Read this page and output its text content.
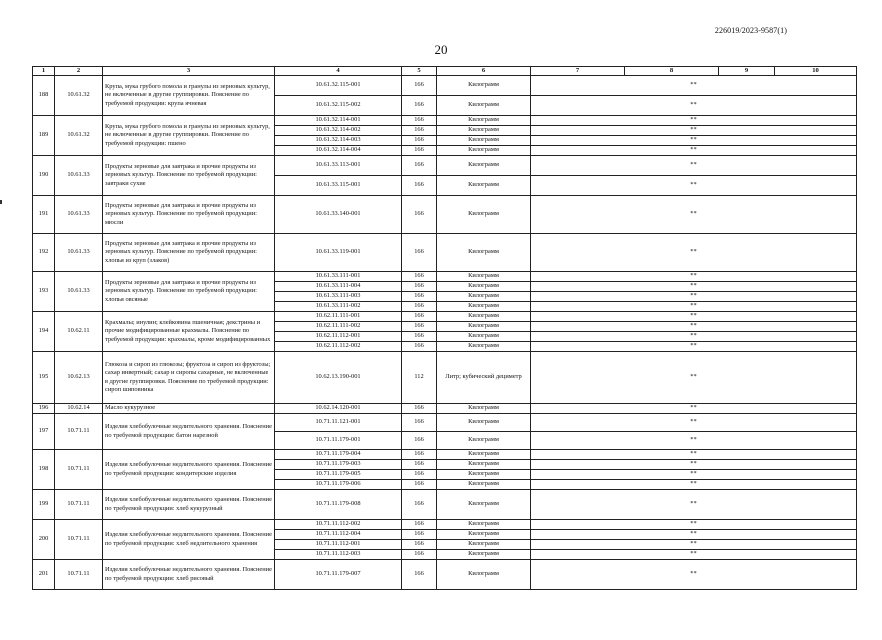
226019/2023-9587(1)
20
1	2	3	4	5	6	7	8	9	10
188	10.61.32	Крупа, мука грубого помола и гранулы из зерновых культур, не включенные в другие группировки. Пояснение по требуемой продукции: крупа ячневая	10.61.32.115-001	166	Килограмм	**			
			10.61.32.115-002	166	Килограмм	**			
189	10.61.32	Крупа, мука грубого помола и гранулы из зерновых культур, не включенные в другие группировки. Пояснение по требуемой продукции: пшено	10.61.32.114-001	166	Килограмм	**			
			10.61.32.114-002	166	Килограмм	**			
			10.61.32.114-003	166	Килограмм	**			
			10.61.32.114-004	166	Килограмм	**			
190	10.61.33	Продукты зерновые для завтрака и прочие продукты из зерновых культур. Пояснение по требуемой продукции: завтраки сухие	10.61.33.113-001	166	Килограмм	**			
			10.61.33.115-001	166	Килограмм	**			
191	10.61.33	Продукты зерновые для завтрака и прочие продукты из зерновых культур. Пояснение по требуемой продукции: мюсли	10.61.33.140-001	166	Килограмм	**			
192	10.61.33	Продукты зерновые для завтрака и прочие продукты из зерновых культур. Пояснение по требуемой продукции: хлопья из круп (злаков)	10.61.33.119-001	166	Килограмм	**			
193	10.61.33	Продукты зерновые для завтрака и прочие продукты из зерновых культур. Пояснение по требуемой продукции: хлопья овсяные	10.61.33.111-001	166	Килограмм	**			
			10.61.33.111-004	166	Килограмм	**			
			10.61.33.111-003	166	Килограмм	**			
			10.61.33.111-002	166	Килограмм	**			
194	10.62.11	Крахмалы; инулин; клейковина пшеничная; декстрины и прочие модифицированные крахмалы. Пояснение по требуемой продукции: крахмалы, кроме модифицированных	10.62.11.111-001	166	Килограмм	**			
			10.62.11.111-002	166	Килограмм	**			
			10.62.11.112-001	166	Килограмм	**			
			10.62.11.112-002	166	Килограмм	**			
195	10.62.13	Глюкоза и сироп из глюкозы; фруктоза и сироп из фруктозы; сахар инвертный; сахар и сиропы сахарные, не включенные в другие группировки. Пояснение по требуемой продукции: сироп шиповника	10.62.13.190-001	112	Литр; кубический дециметр	**			
196	10.62.14	Масло кукурузное	10.62.14.120-001	166	Килограмм	**			
197	10.71.11	Изделия хлебобулочные недлительного хранения. Пояснение по требуемой продукции: батон нарезной	10.71.11.121-001	166	Килограмм	**			
			10.71.11.179-001	166	Килограмм	**			
198	10.71.11	Изделия хлебобулочные недлительного хранения. Пояснение по требуемой продукции: кондитерские изделия	10.71.11.179-004	166	Килограмм	**			
			10.71.11.179-003	166	Килограмм	**			
			10.71.11.179-005	166	Килограмм	**			
			10.71.11.179-006	166	Килограмм	**			
199	10.71.11	Изделия хлебобулочные недлительного хранения. Пояснение по требуемой продукции: хлеб кукурузный	10.71.11.179-008	166	Килограмм	**			
200	10.71.11	Изделия хлебобулочные недлительного хранения. Пояснение по требуемой продукции: хлеб недлительного хранения	10.71.11.112-002	166	Килограмм	**			
			10.71.11.112-004	166	Килограмм	**			
			10.71.11.112-001	166	Килограмм	**			
			10.71.11.112-003	166	Килограмм	**			
201	10.71.11	Изделия хлебобулочные недлительного хранения. Пояснение по требуемой продукции: хлеб рисовый	10.71.11.179-007	166	Килограмм	**			
